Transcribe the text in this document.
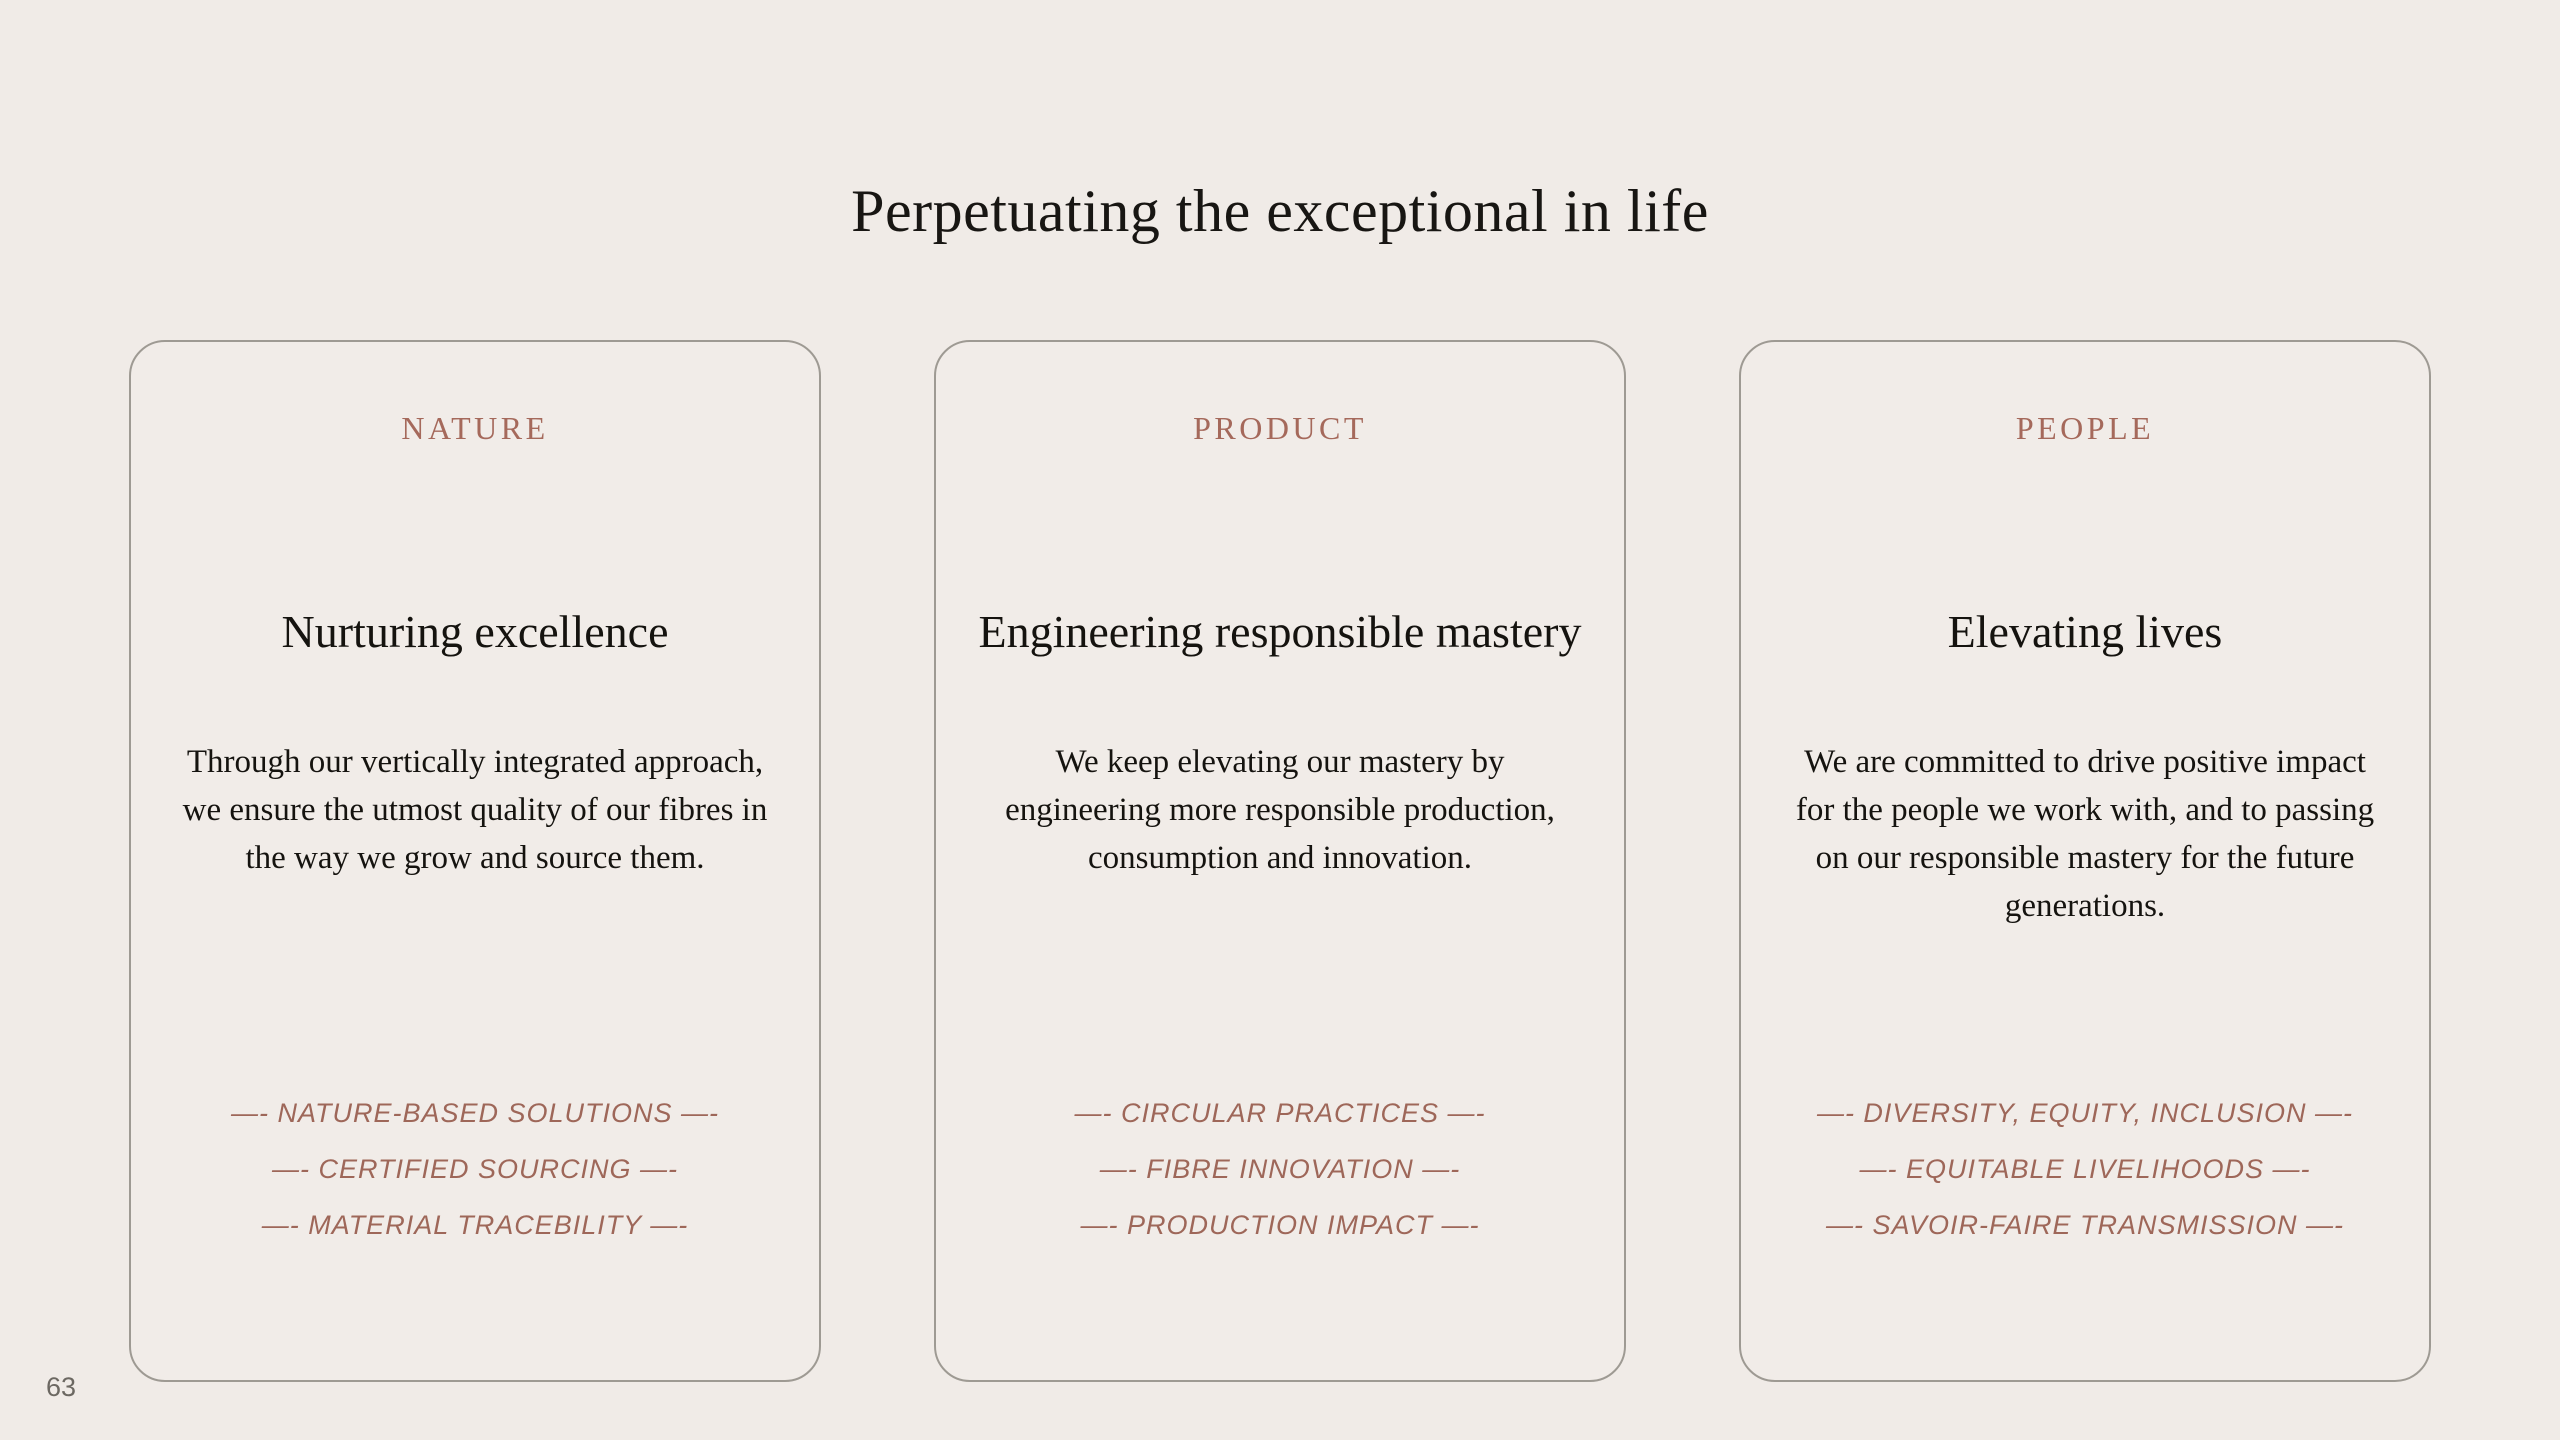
Perpetuating the exceptional in life
NATURE
Nurturing excellence
Through our vertically integrated approach,
we ensure the utmost quality of our fibres in
the way we grow and source them.
—- NATURE-BASED SOLUTIONS —-
—- CERTIFIED SOURCING —-
—- MATERIAL TRACEBILITY —-
PRODUCT
Engineering responsible mastery
We keep elevating our mastery by
engineering more responsible production,
consumption and innovation.
—- CIRCULAR PRACTICES —-
—- FIBRE INNOVATION —-
—- PRODUCTION IMPACT —-
PEOPLE
Elevating lives
We are committed to drive positive impact
for the people we work with, and to passing
on our responsible mastery for the future
generations.
—- DIVERSITY, EQUITY, INCLUSION —-
—- EQUITABLE LIVELIHOODS —-
—- SAVOIR-FAIRE TRANSMISSION —-
63
